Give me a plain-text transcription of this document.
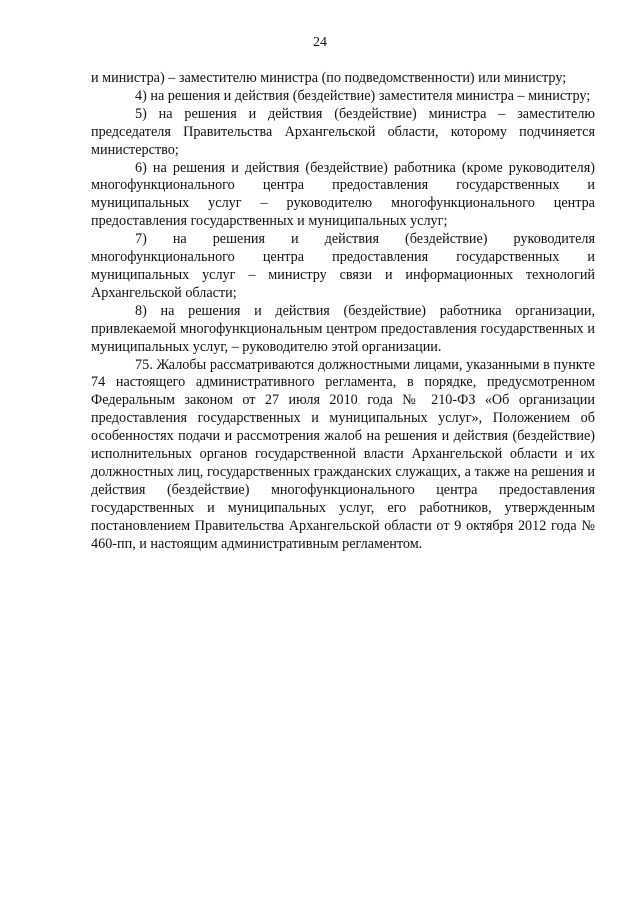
24

и министра) – заместителю министра (по подведомственности) или министру;

4) на решения и действия (бездействие) заместителя министра – министру;

5) на решения и действия (бездействие) министра – заместителю председателя Правительства Архангельской области, которому подчиняется министерство;

6) на решения и действия (бездействие) работника (кроме руководителя) многофункционального центра предоставления государственных и муниципальных услуг – руководителю многофункционального центра предоставления государственных и муниципальных услуг;

7) на решения и действия (бездействие) руководителя многофункционального центра предоставления государственных и муниципальных услуг – министру связи и информационных технологий Архангельской области;

8) на решения и действия (бездействие) работника организации, привлекаемой многофункциональным центром предоставления государственных и муниципальных услуг, – руководителю этой организации.

75. Жалобы рассматриваются должностными лицами, указанными в пункте 74 настоящего административного регламента, в порядке, предусмотренном Федеральным законом от 27 июля 2010 года № 210-ФЗ «Об организации предоставления государственных и муниципальных услуг», Положением об особенностях подачи и рассмотрения жалоб на решения и действия (бездействие) исполнительных органов государственной власти Архангельской области и их должностных лиц, государственных гражданских служащих, а также на решения и действия (бездействие) многофункционального центра предоставления государственных и муниципальных услуг, его работников, утвержденным постановлением Правительства Архангельской области от 9 октября 2012 года № 460-пп, и настоящим административным регламентом.
